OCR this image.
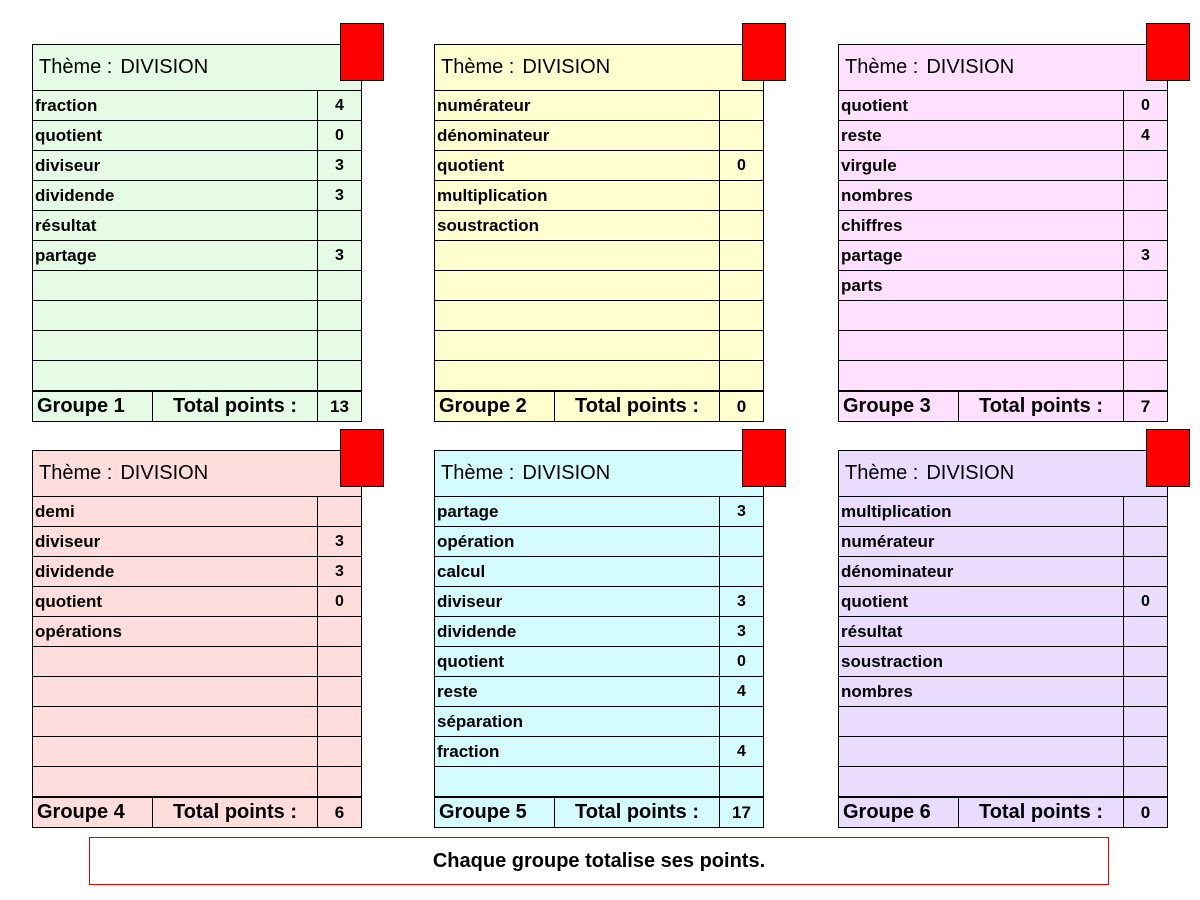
Thème : DIVISION
fraction	4
quotient	0
diviseur	3
dividende	3
résultat
partage	3
Groupe 1	Total points :	13
Thème : DIVISION
numérateur
dénominateur
quotient	0
multiplication
soustraction
Groupe 2	Total points :	0
Thème : DIVISION
quotient	0
reste	4
virgule
nombres
chiffres
partage	3
parts
Groupe 3	Total points :	7
Thème : DIVISION
demi
diviseur	3
dividende	3
quotient	0
opérations
Groupe 4	Total points :	6
Thème : DIVISION
partage	3
opération
calcul
diviseur	3
dividende	3
quotient	0
reste	4
séparation
fraction	4
Groupe 5	Total points :	17
Thème : DIVISION
multiplication
numérateur
dénominateur
quotient	0
résultat
soustraction
nombres
Groupe 6	Total points :	0
Chaque groupe totalise ses points.
